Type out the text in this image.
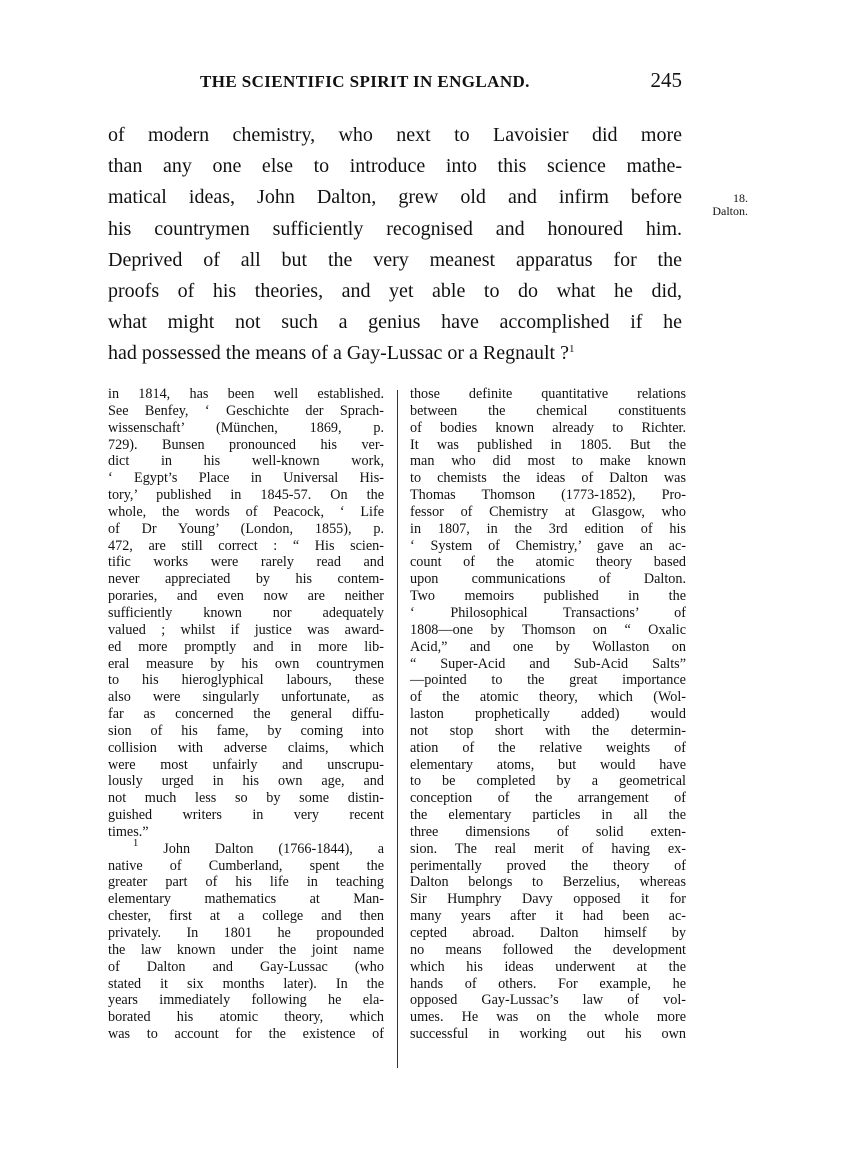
THE SCIENTIFIC SPIRIT IN ENGLAND.	245
of modern chemistry, who next to Lavoisier did more
than any one else to introduce into this science mathe-
matical ideas, John Dalton, grew old and infirm before
his countrymen sufficiently recognised and honoured him.
Deprived of all but the very meanest apparatus for the
proofs of his theories, and yet able to do what he did,
what might not such a genius have accomplished if he
had possessed the means of a Gay-Lussac or a Regnault ?$^1$
18.
Dalton.
in 1814, has been well established.
See Benfey, ‘ Geschichte der Sprach-
wissenschaft’ (München, 1869, p.
729). Bunsen pronounced his ver-
dict in his well-known work,
‘ Egypt’s Place in Universal His-
tory,’ published in 1845-57. On the
whole, the words of Peacock, ‘ Life
of Dr Young’ (London, 1855), p.
472, are still correct : “ His scien-
tific works were rarely read and
never appreciated by his contem-
poraries, and even now are neither
sufficiently known nor adequately
valued ; whilst if justice was award-
ed more promptly and in more lib-
eral measure by his own countrymen
to his hieroglyphical labours, these
also were singularly unfortunate, as
far as concerned the general diffu-
sion of his fame, by coming into
collision with adverse claims, which
were most unfairly and unscrupu-
lously urged in his own age, and
not much less so by some distin-
guished writers in very recent
times.”
$^1$ John Dalton (1766-1844), a
native of Cumberland, spent the
greater part of his life in teaching
elementary mathematics at Man-
chester, first at a college and then
privately. In 1801 he propounded
the law known under the joint name
of Dalton and Gay-Lussac (who
stated it six months later). In the
years immediately following he ela-
borated his atomic theory, which
was to account for the existence of
those definite quantitative relations
between the chemical constituents
of bodies known already to Richter.
It was published in 1805. But the
man who did most to make known
to chemists the ideas of Dalton was
Thomas Thomson (1773-1852), Pro-
fessor of Chemistry at Glasgow, who
in 1807, in the 3rd edition of his
‘ System of Chemistry,’ gave an ac-
count of the atomic theory based
upon communications of Dalton.
Two memoirs published in the
‘ Philosophical Transactions’ of
1808—one by Thomson on “ Oxalic
Acid,” and one by Wollaston on
“ Super-Acid and Sub-Acid Salts”
—pointed to the great importance
of the atomic theory, which (Wol-
laston prophetically added) would
not stop short with the determin-
ation of the relative weights of
elementary atoms, but would have
to be completed by a geometrical
conception of the arrangement of
the elementary particles in all the
three dimensions of solid exten-
sion. The real merit of having ex-
perimentally proved the theory of
Dalton belongs to Berzelius, whereas
Sir Humphry Davy opposed it for
many years after it had been ac-
cepted abroad. Dalton himself by
no means followed the development
which his ideas underwent at the
hands of others. For example, he
opposed Gay-Lussac’s law of vol-
umes. He was on the whole more
successful in working out his own
